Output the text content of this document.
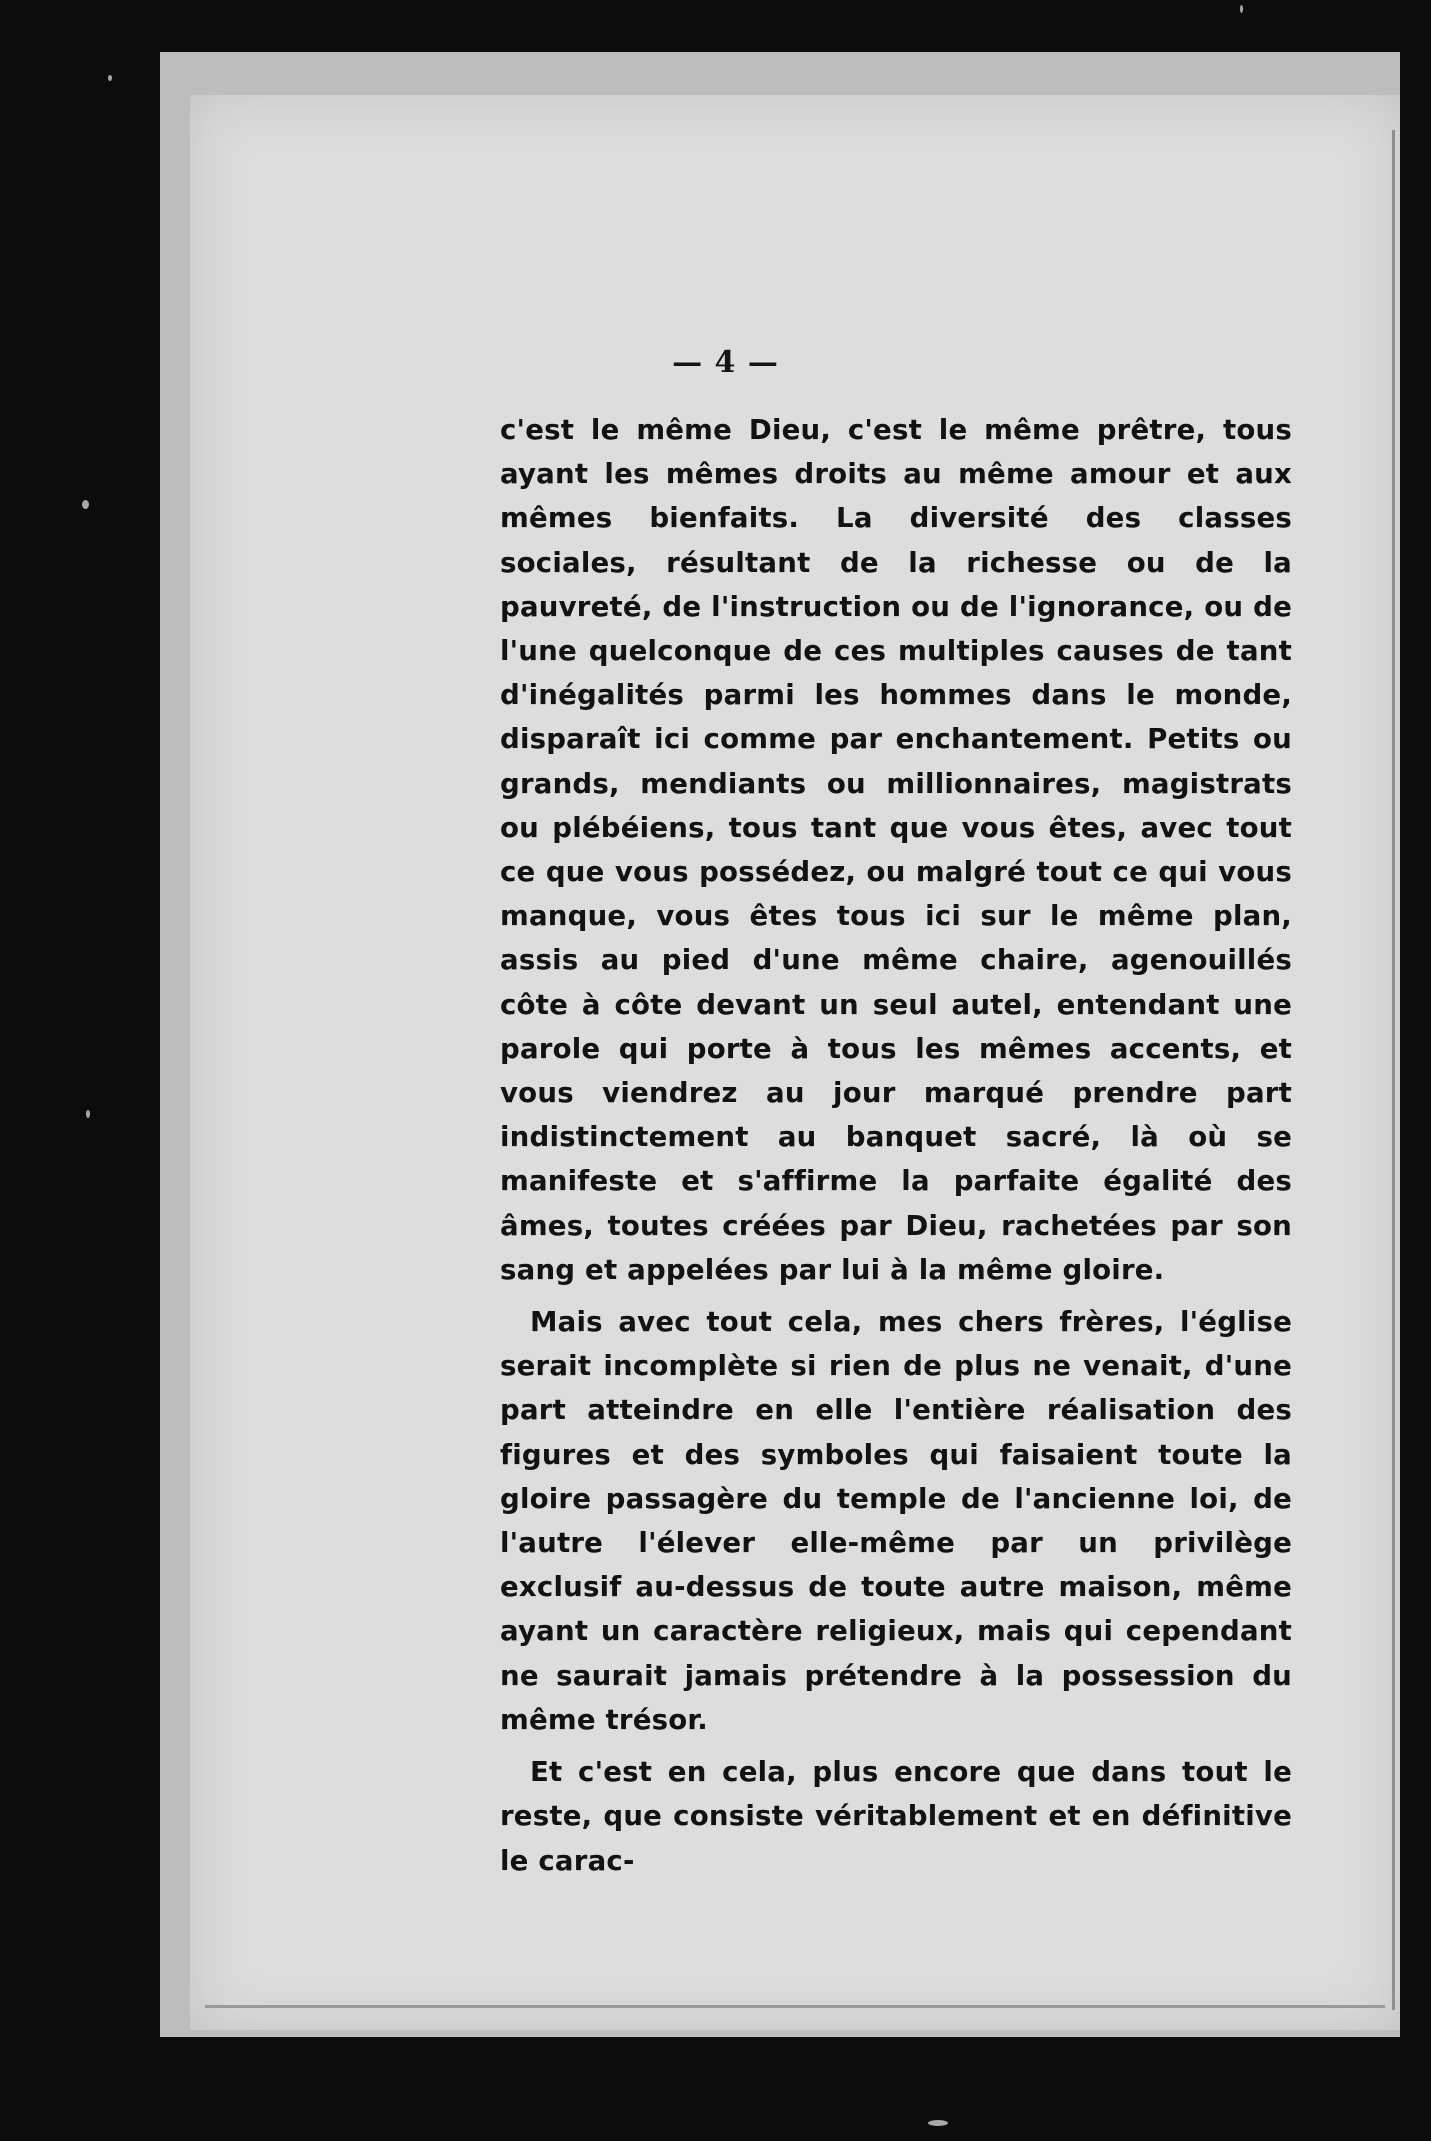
— 4 —

c'est le même Dieu, c'est le même prêtre, tous ayant les mêmes droits au même amour et aux mêmes bienfaits. La diversité des classes sociales, résultant de la richesse ou de la pauvreté, de l'instruction ou de l'ignorance, ou de l'une quelconque de ces multiples causes de tant d'inégalités parmi les hommes dans le monde, disparaît ici comme par enchantement. Petits ou grands, mendiants ou millionnaires, magistrats ou plébéiens, tous tant que vous êtes, avec tout ce que vous possédez, ou malgré tout ce qui vous manque, vous êtes tous ici sur le même plan, assis au pied d'une même chaire, agenouillés côte à côte devant un seul autel, entendant une parole qui porte à tous les mêmes accents, et vous viendrez au jour marqué prendre part indistinctement au banquet sacré, là où se manifeste et s'affirme la parfaite égalité des âmes, toutes créées par Dieu, rachetées par son sang et appelées par lui à la même gloire.

Mais avec tout cela, mes chers frères, l'église serait incomplète si rien de plus ne venait, d'une part atteindre en elle l'entière réalisation des figures et des symboles qui faisaient toute la gloire passagère du temple de l'ancienne loi, de l'autre l'élever elle-même par un privilège exclusif au-dessus de toute autre maison, même ayant un caractère religieux, mais qui cependant ne saurait jamais prétendre à la possession du même trésor.

Et c'est en cela, plus encore que dans tout le reste, que consiste véritablement et en définitive le carac-
